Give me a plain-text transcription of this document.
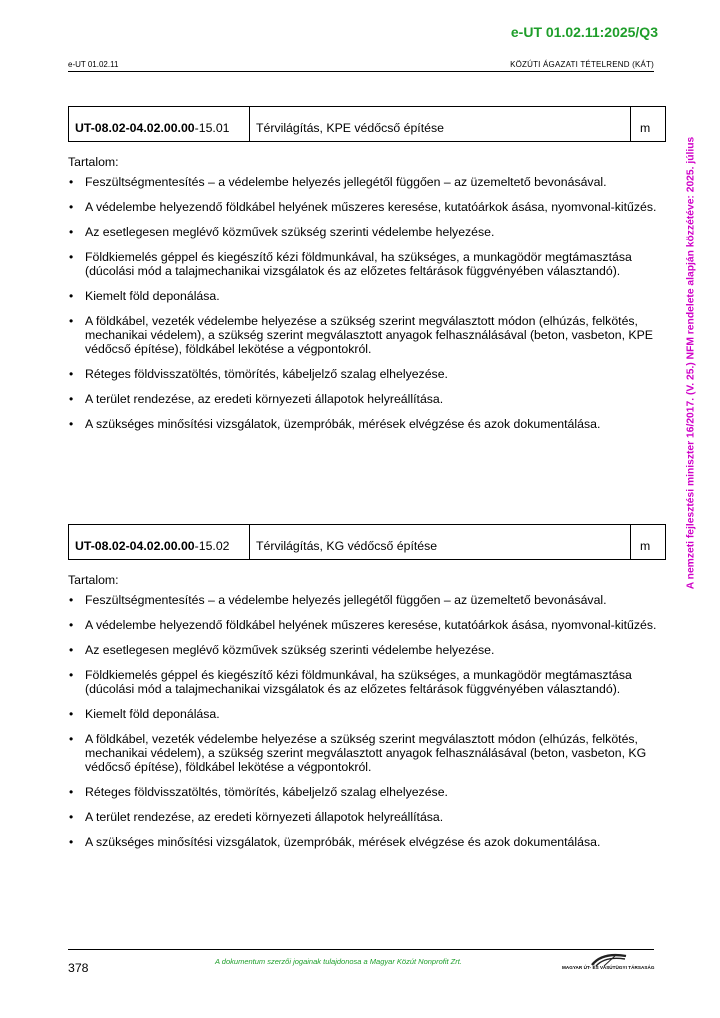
e-UT 01.02.11:2025/Q3
e-UT 01.02.11	KÖZÚTI ÁGAZATI TÉTELREND (KÁT)
A nemzeti fejlesztési miniszter 16/2017. (V. 25.) NFM rendelete alapján közzétéve: 2025. július
UT-08.02-04.02.00.00-15.01	Térvilágítás, KPE védőcső építése	m
Tartalom:
• Feszültségmentesítés – a védelembe helyezés jellegétől függően – az üzemeltető bevonásával.
• A védelembe helyezendő földkábel helyének műszeres keresése, kutatóárkok ásása, nyomvonal-kitűzés.
• Az esetlegesen meglévő közművek szükség szerinti védelembe helyezése.
• Földkiemelés géppel és kiegészítő kézi földmunkával, ha szükséges, a munkagödör megtámasztása (dúcolási mód a talajmechanikai vizsgálatok és az előzetes feltárások függvényében választandó).
• Kiemelt föld deponálása.
• A földkábel, vezeték védelembe helyezése a szükség szerint megválasztott módon (elhúzás, felkötés, mechanikai védelem), a szükség szerint megválasztott anyagok felhasználásával (beton, vasbeton, KPE védőcső építése), földkábel lekötése a végpontokról.
• Réteges földvisszatöltés, tömörítés, kábeljelző szalag elhelyezése.
• A terület rendezése, az eredeti környezeti állapotok helyreállítása.
• A szükséges minősítési vizsgálatok, üzempróbák, mérések elvégzése és azok dokumentálása.
UT-08.02-04.02.00.00-15.02	Térvilágítás, KG védőcső építése	m
Tartalom:
• Feszültségmentesítés – a védelembe helyezés jellegétől függően – az üzemeltető bevonásával.
• A védelembe helyezendő földkábel helyének műszeres keresése, kutatóárkok ásása, nyomvonal-kitűzés.
• Az esetlegesen meglévő közművek szükség szerinti védelembe helyezése.
• Földkiemelés géppel és kiegészítő kézi földmunkával, ha szükséges, a munkagödör megtámasztása (dúcolási mód a talajmechanikai vizsgálatok és az előzetes feltárások függvényében választandó).
• Kiemelt föld deponálása.
• A földkábel, vezeték védelembe helyezése a szükség szerint megválasztott módon (elhúzás, felkötés, mechanikai védelem), a szükség szerint megválasztott anyagok felhasználásával (beton, vasbeton, KG védőcső építése), földkábel lekötése a végpontokról.
• Réteges földvisszatöltés, tömörítés, kábeljelző szalag elhelyezése.
• A terület rendezése, az eredeti környezeti állapotok helyreállítása.
• A szükséges minősítési vizsgálatok, üzempróbák, mérések elvégzése és azok dokumentálása.
378	A dokumentum szerzői jogainak tulajdonosa a Magyar Közút Nonprofit Zrt.
MAGYAR ÚT- ÉS VASÚTÜGYI TÁRSASÁG
